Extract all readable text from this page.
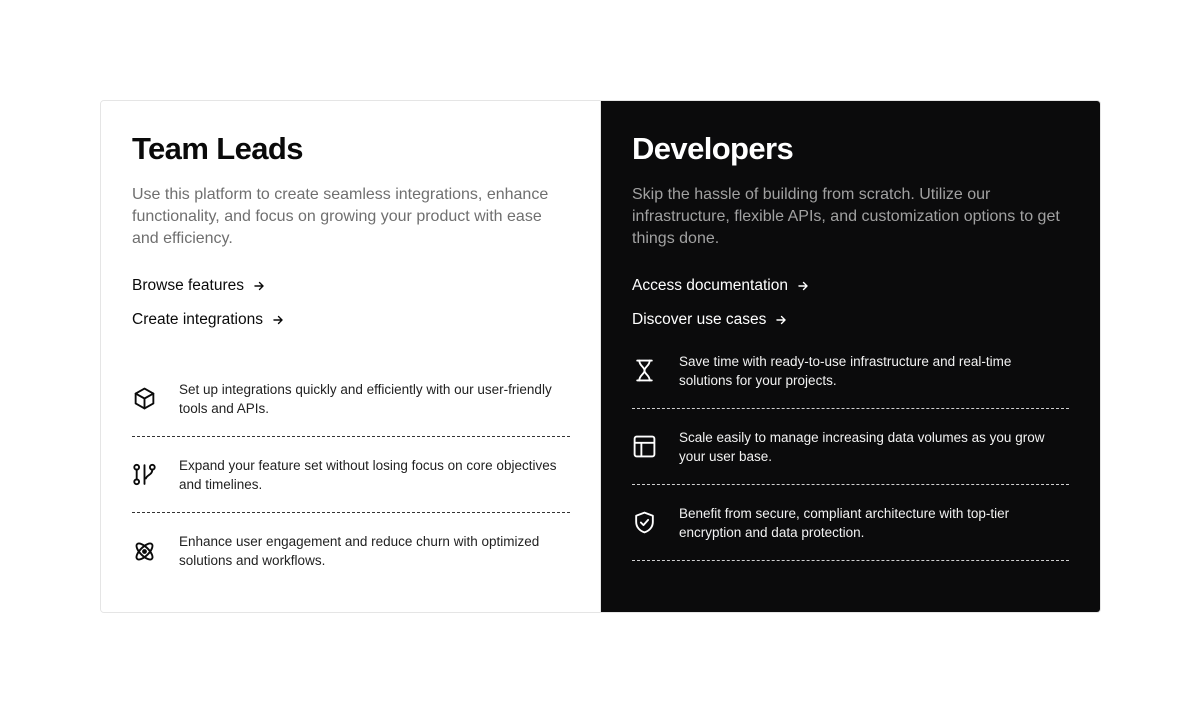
Team Leads

Use this platform to create seamless integrations, enhance functionality, and focus on growing your product with ease and efficiency.

Browse features
Create integrations

Set up integrations quickly and efficiently with our user-friendly tools and APIs.

Expand your feature set without losing focus on core objectives and timelines.

Enhance user engagement and reduce churn with optimized solutions and workflows.

Developers

Skip the hassle of building from scratch. Utilize our infrastructure, flexible APIs, and customization options to get things done.

Access documentation
Discover use cases

Save time with ready-to-use infrastructure and real-time solutions for your projects.

Scale easily to manage increasing data volumes as you grow your user base.

Benefit from secure, compliant architecture with top-tier encryption and data protection.
